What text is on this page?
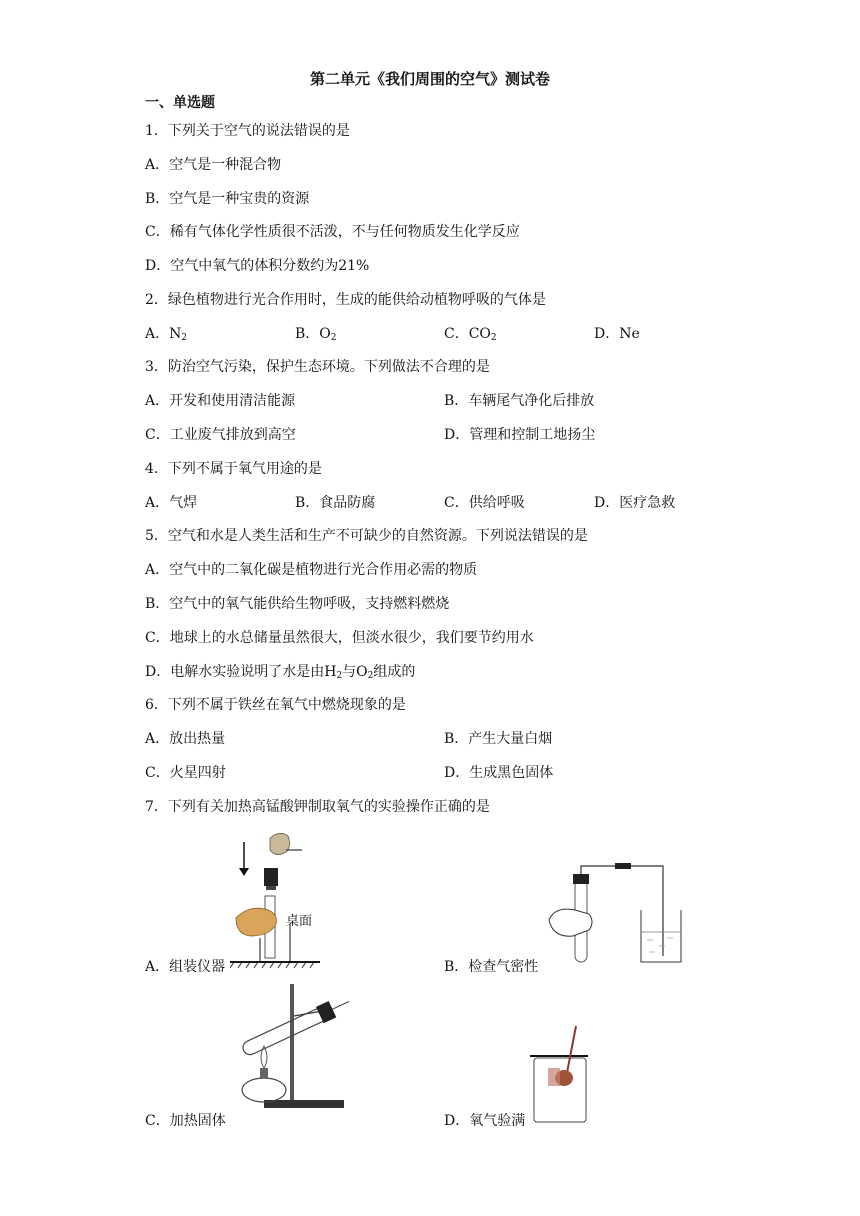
第二单元《我们周围的空气》测试卷
一、单选题
1．下列关于空气的说法错误的是
A．空气是一种混合物
B．空气是一种宝贵的资源
C．稀有气体化学性质很不活泼，不与任何物质发生化学反应
D．空气中氧气的体积分数约为21%
2．绿色植物进行光合作用时，生成的能供给动植物呼吸的气体是
A．$N_2$	B．$O_2$	C．$CO_2$	D．Ne
3．防治空气污染，保护生态环境。下列做法不合理的是
A．开发和使用清洁能源	B．车辆尾气净化后排放
C．工业废气排放到高空	D．管理和控制工地扬尘
4．下列不属于氧气用途的是
A．气焊	B．食品防腐	C．供给呼吸	D．医疗急救
5．空气和水是人类生活和生产不可缺少的自然资源。下列说法错误的是
A．空气中的二氧化碳是植物进行光合作用必需的物质
B．空气中的氧气能供给生物呼吸，支持燃料燃烧
C．地球上的水总储量虽然很大，但淡水很少，我们要节约用水
D．电解水实验说明了水是由$H_2$与$O_2$组成的
6．下列不属于铁丝在氧气中燃烧现象的是
A．放出热量	B．产生大量白烟
C．火星四射	D．生成黑色固体
7．下列有关加热高锰酸钾制取氧气的实验操作正确的是
桌面
A．组装仪器	B．检查气密性
C．加热固体	D．氧气验满
